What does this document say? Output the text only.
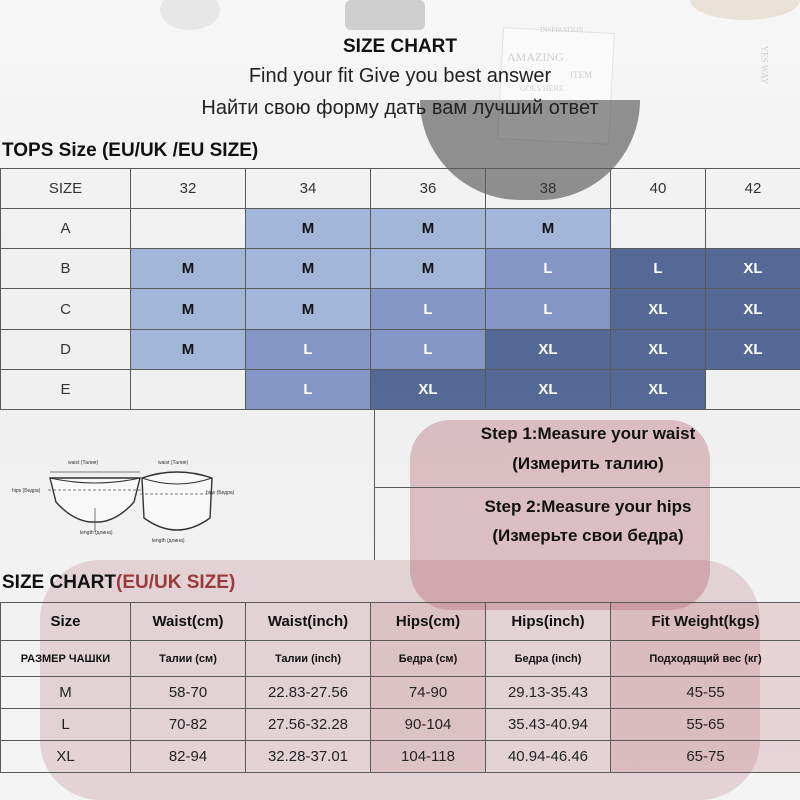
INSPIRATION
AMAZING
GOES HERE
ITEM	YES WAY
SIZE CHART
Find your fit Give you best answer
Найти свою форму дать вам лучший ответ
TOPS Size (EU/UK /EU SIZE)
SIZE	32	34	36	38	40	42
A		M	M	M		
B	M	M	M	L	L	XL
C	M	M	L	L	XL	XL
D	M	L	L	XL	XL	XL
E		L	XL	XL	XL	
waist (Талия)
hips (Бедра)
length (длина)
waist (Талия)
hips (Бедра)
length (длина)
Step 1:Measure your waist
(Измерить талию)
Step 2:Measure your hips
(Измерьте свои бедра)
SIZE CHART(EU/UK SIZE)
Size	Waist(cm)	Waist(inch)	Hips(cm)	Hips(inch)	Fit Weight(kgs)
РАЗМЕР ЧАШКИ	Талии (см)	Талии (inch)	Бедра (см)	Бедра (inch)	Подходящий вес (кг)
M	58-70	22.83-27.56	74-90	29.13-35.43	45-55
L	70-82	27.56-32.28	90-104	35.43-40.94	55-65
XL	82-94	32.28-37.01	104-118	40.94-46.46	65-75
